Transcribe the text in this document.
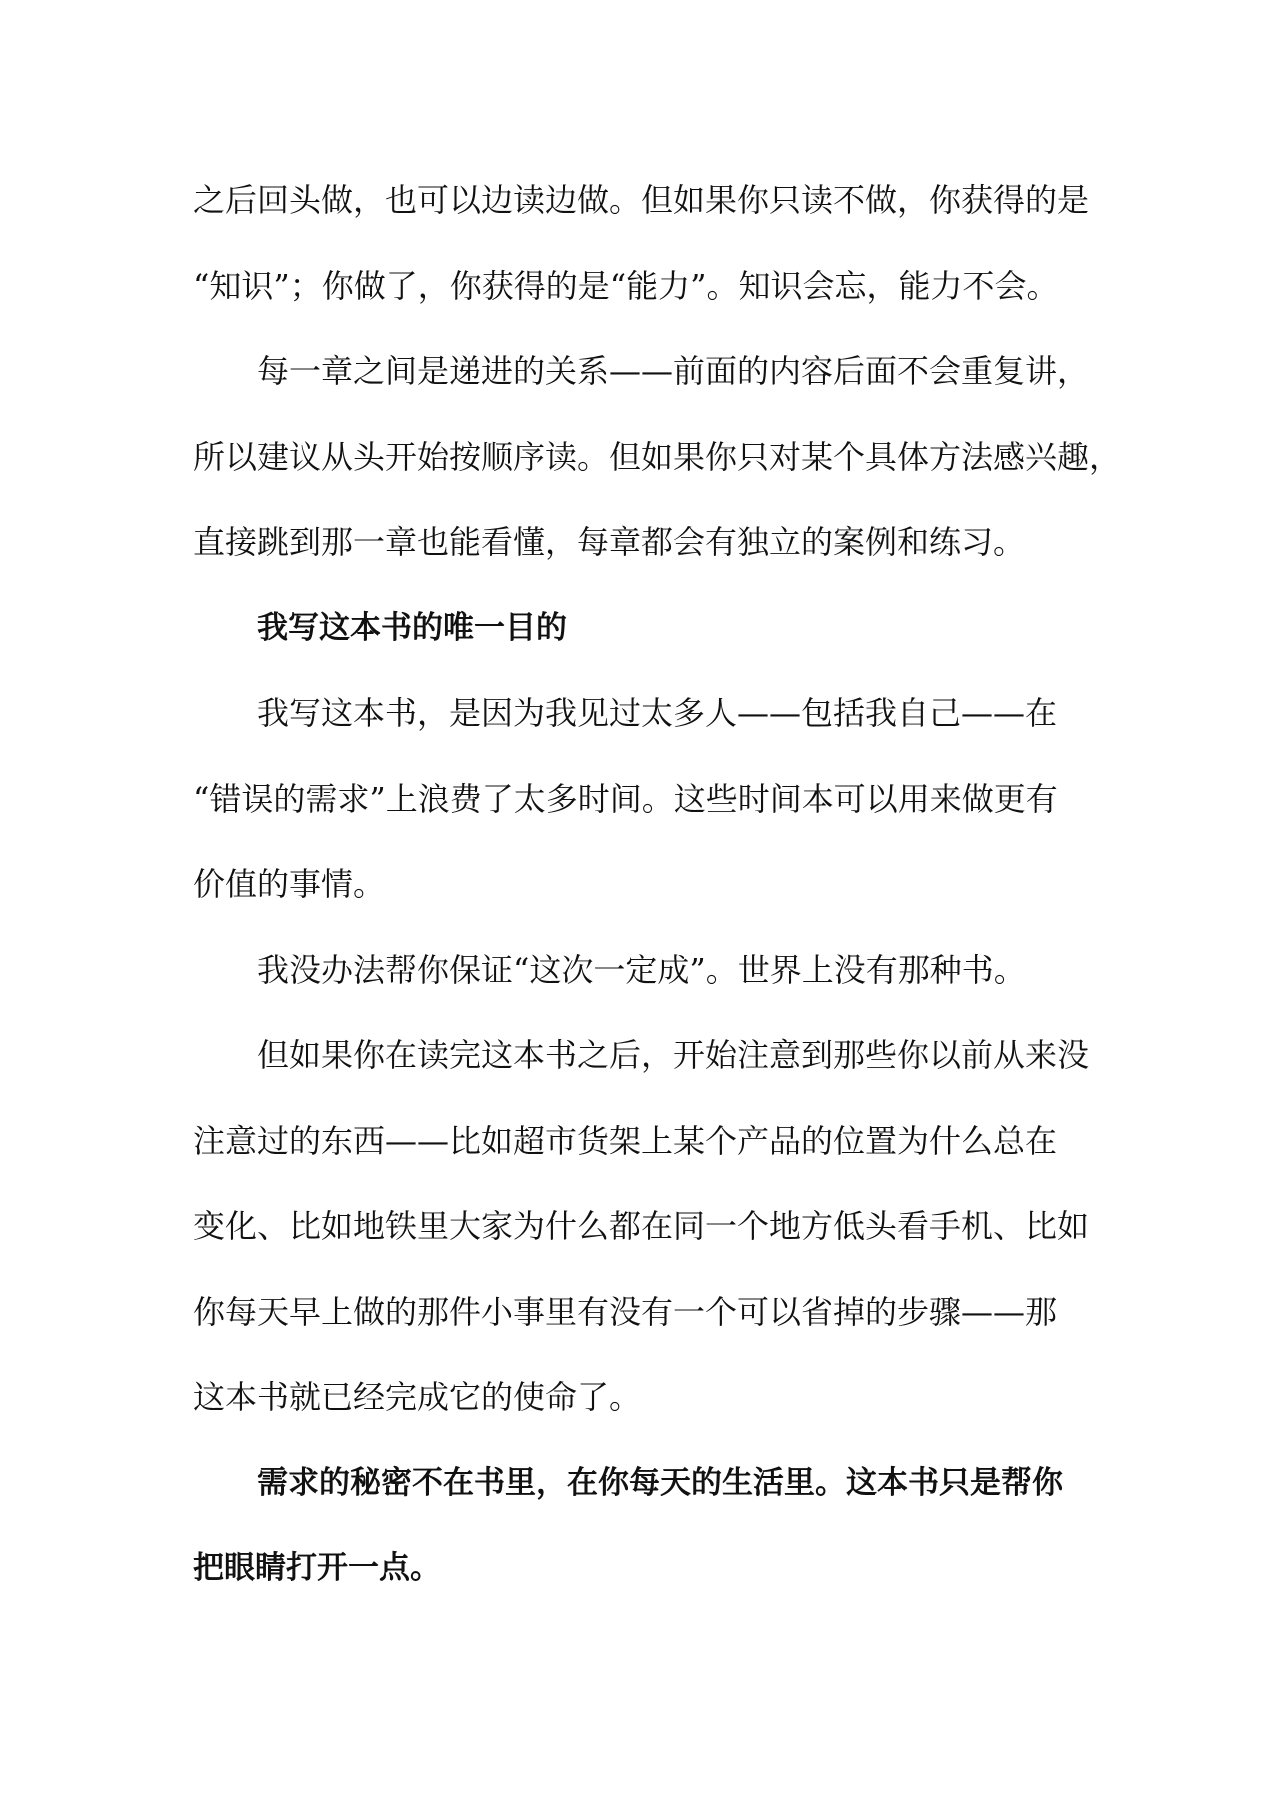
之后回头做，也可以边读边做。但如果你只读不做，你获得的是
“知识”；你做了，你获得的是“能力”。知识会忘，能力不会。
每一章之间是递进的关系——前面的内容后面不会重复讲，
所以建议从头开始按顺序读。但如果你只对某个具体方法感兴趣，
直接跳到那一章也能看懂，每章都会有独立的案例和练习。
我写这本书的唯一目的
我写这本书，是因为我见过太多人——包括我自己——在
“错误的需求”上浪费了太多时间。这些时间本可以用来做更有
价值的事情。
我没办法帮你保证“这次一定成”。世界上没有那种书。
但如果你在读完这本书之后，开始注意到那些你以前从来没
注意过的东西——比如超市货架上某个产品的位置为什么总在
变化、比如地铁里大家为什么都在同一个地方低头看手机、比如
你每天早上做的那件小事里有没有一个可以省掉的步骤——那
这本书就已经完成它的使命了。
需求的秘密不在书里，在你每天的生活里。这本书只是帮你
把眼睛打开一点。
